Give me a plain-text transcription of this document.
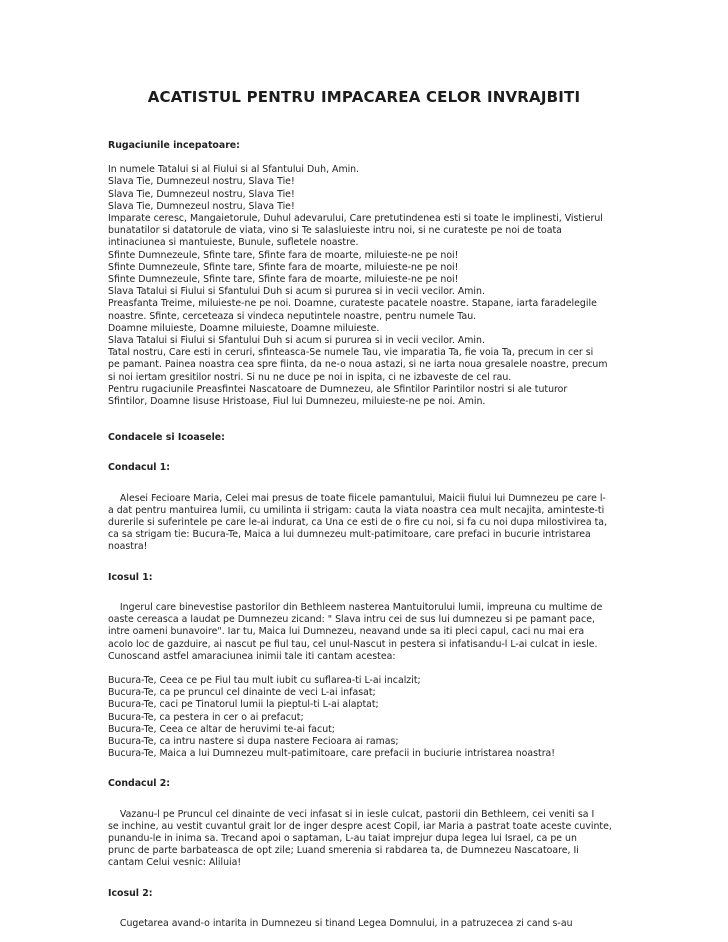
ACATISTUL PENTRU IMPACAREA CELOR INVRAJBITI

Rugaciunile incepatoare:

In numele Tatalui si al Fiului si al Sfantului Duh, Amin.

Slava Tie, Dumnezeul nostru, Slava Tie!

Slava Tie, Dumnezeul nostru, Slava Tie!

Slava Tie, Dumnezeul nostru, Slava Tie!

Imparate ceresc, Mangaietorule, Duhul adevarului, Care pretutindenea esti si toate le implinesti, Vistierul

bunatatilor si datatorule de viata, vino si Te salasluieste intru noi, si ne curateste pe noi de toata

intinaciunea si mantuieste, Bunule, sufletele noastre.

Sfinte Dumnezeule, Sfinte tare, Sfinte fara de moarte, miluieste-ne pe noi!

Sfinte Dumnezeule, Sfinte tare, Sfinte fara de moarte, miluieste-ne pe noi!

Sfinte Dumnezeule, Sfinte tare, Sfinte fara de moarte, miluieste-ne pe noi!

Slava Tatalui si Fiului si Sfantului Duh si acum si pururea si in vecii vecilor. Amin.

Preasfanta Treime, miluieste-ne pe noi. Doamne, curateste pacatele noastre. Stapane, iarta faradelegile

noastre. Sfinte, cerceteaza si vindeca neputintele noastre, pentru numele Tau.

Doamne miluieste, Doamne miluieste, Doamne miluieste.

Slava Tatalui si Fiului si Sfantului Duh si acum si pururea si in vecii vecilor. Amin.

Tatal nostru, Care esti in ceruri, sfinteasca-Se numele Tau, vie imparatia Ta, fie voia Ta, precum in cer si

pe pamant. Painea noastra cea spre fiinta, da ne-o noua astazi, si ne iarta noua gresalele noastre, precum

si noi iertam gresitilor nostri. Si nu ne duce pe noi in ispita, ci ne izbaveste de cel rau.

Pentru rugaciunile Preasfintei Nascatoare de Dumnezeu, ale Sfintilor Parintilor nostri si ale tuturor

Sfintilor, Doamne Iisuse Hristoase, Fiul lui Dumnezeu, miluieste-ne pe noi. Amin.

Condacele si Icoasele:

Condacul 1:

Alesei Fecioare Maria, Celei mai presus de toate fiicele pamantului, Maicii fiului lui Dumnezeu pe care l-

a dat pentru mantuirea lumii, cu umilinta ii strigam: cauta la viata noastra cea mult necajita, aminteste-ti

durerile si suferintele pe care le-ai indurat, ca Una ce esti de o fire cu noi, si fa cu noi dupa milostivirea ta,

ca sa strigam tie: Bucura-Te, Maica a lui dumnezeu mult-patimitoare, care prefaci in bucurie intristarea

noastra!

Icosul 1:

Ingerul care binevestise pastorilor din Bethleem nasterea Mantuitorului lumii, impreuna cu multime de

oaste cereasca a laudat pe Dumnezeu zicand: " Slava intru cei de sus lui dumnezeu si pe pamant pace,

intre oameni bunavoire". Iar tu, Maica lui Dumnezeu, neavand unde sa iti pleci capul, caci nu mai era

acolo loc de gazduire, ai nascut pe fiul tau, cel unul-Nascut in pestera si infatisandu-l L-ai culcat in iesle.

Cunoscand astfel amaraciunea inimii tale iti cantam acestea:

Bucura-Te, Ceea ce pe Fiul tau mult iubit cu suflarea-ti L-ai incalzit;

Bucura-Te, ca pe pruncul cel dinainte de veci L-ai infasat;

Bucura-Te, caci pe Tinatorul lumii la pieptul-ti L-ai alaptat;

Bucura-Te, ca pestera in cer o ai prefacut;

Bucura-Te, Ceea ce altar de heruvimi te-ai facut;

Bucura-Te, ca intru nastere si dupa nastere Fecioara ai ramas;

Bucura-Te, Maica a lui Dumnezeu mult-patimitoare, care prefacii in buciurie intristarea noastra!

Condacul 2:

Vazanu-l pe Pruncul cel dinainte de veci infasat si in iesle culcat, pastorii din Bethleem, cei veniti sa I

se inchine, au vestit cuvantul grait lor de inger despre acest Copil, iar Maria a pastrat toate aceste cuvinte,

punandu-le in inima sa. Trecand apoi o saptaman, L-au taiat imprejur dupa legea lui Israel, ca pe un

prunc de parte barbateasca de opt zile; Luand smerenia si rabdarea ta, de Dumnezeu Nascatoare, Ii

cantam Celui vesnic: Aliluia!

Icosul 2:

Cugetarea avand-o intarita in Dumnezeu si tinand Legea Domnului, in a patruzecea zi cand s-au
